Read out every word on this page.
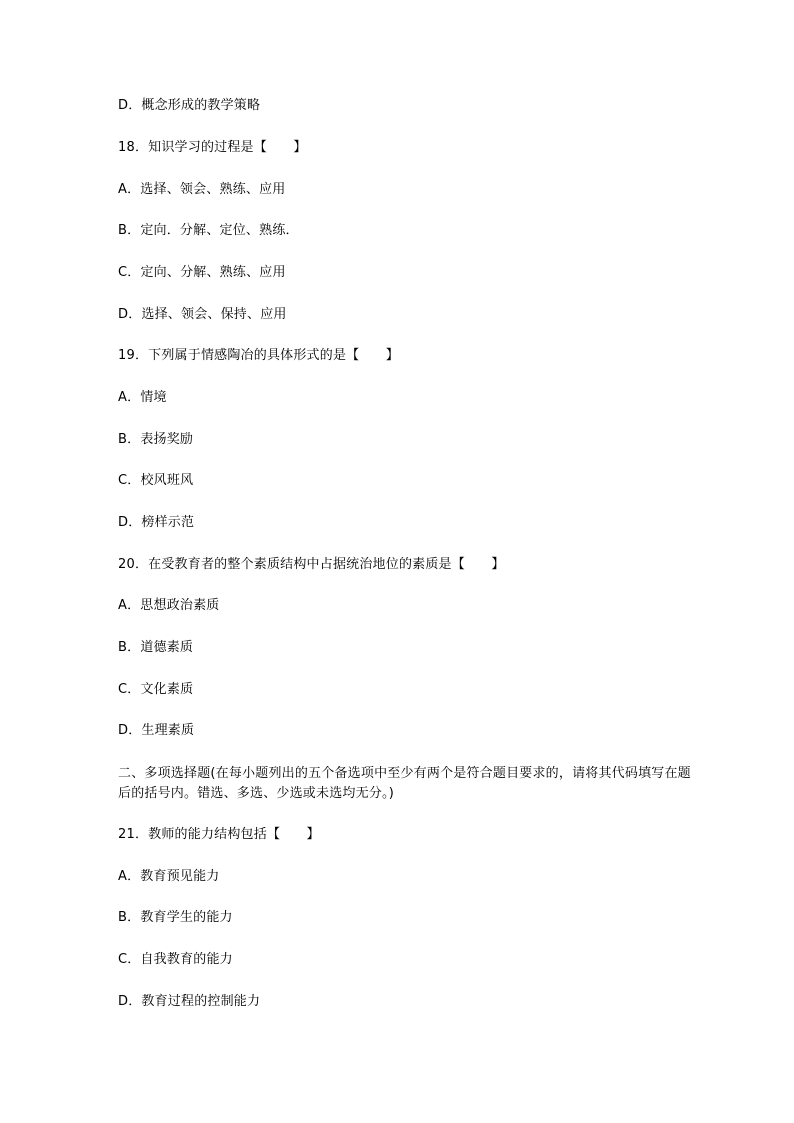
D．概念形成的教学策略
18．知识学习的过程是【　　】
A．选择、领会、熟练、应用
B．定向．分解、定位、熟练．
C．定向、分解、熟练、应用
D．选择、领会、保持、应用
19．下列属于情感陶冶的具体形式的是【　　】
A．情境
B．表扬奖励
C．校风班风
D．榜样示范
20．在受教育者的整个素质结构中占据统治地位的素质是【　　】
A．思想政治素质
B．道德素质
C．文化素质
D．生理素质
二、多项选择题(在每小题列出的五个备选项中至少有两个是符合题目要求的，请将其代码填写在题后的括号内。错选、多选、少选或未选均无分。)
21．教师的能力结构包括【　　】
A．教育预见能力
B．教育学生的能力
C．自我教育的能力
D．教育过程的控制能力
